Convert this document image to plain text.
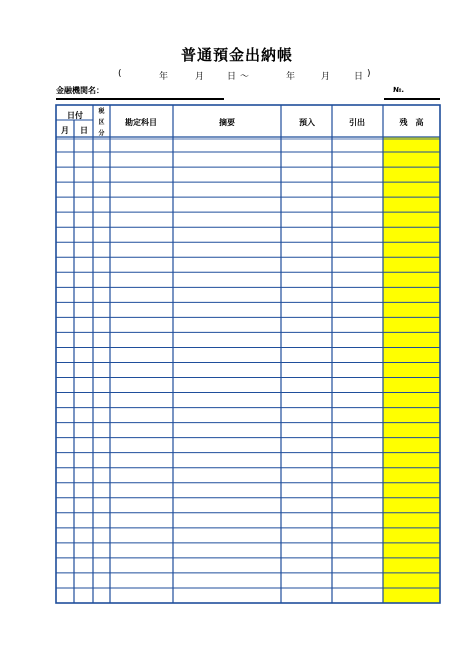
普通預金出納帳
(	年	月	日 〜	年	月	日 )
金融機関名：	№.
日付
月 日
税
区
分
勘定科目	摘要	預入	引出	残　高
